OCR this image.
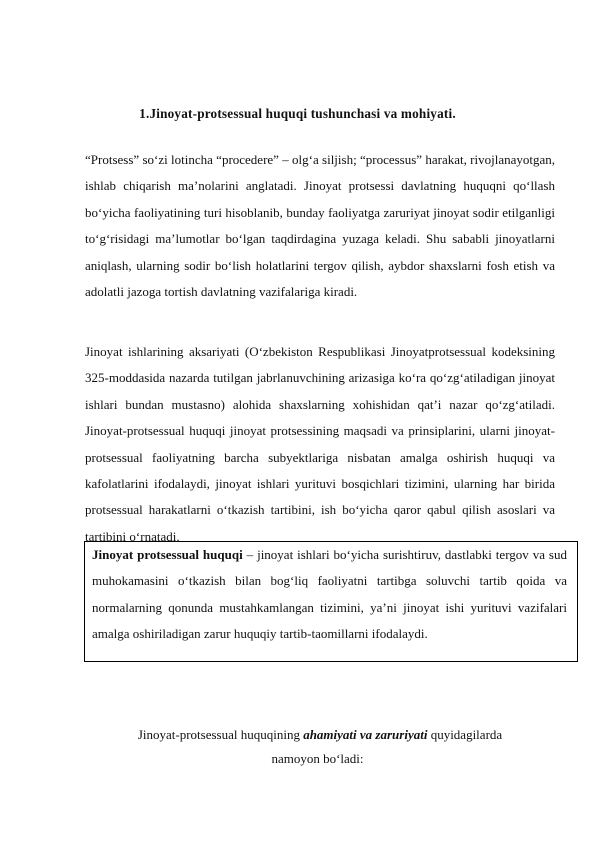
1.Jinoyat-protsessual huquqi tushunchasi va mohiyati.
“Protsess” so‘zi lotincha “procedere” – olg‘a siljish; “processus” harakat, rivojlanayotgan, ishlab chiqarish ma’nolarini anglatadi. Jinoyat protsessi davlatning huquqni qo‘llash bo‘yicha faoliyatining turi hisoblanib, bunday faoliyatga zaruriyat jinoyat sodir etilganligi to‘g‘risidagi ma’lumotlar bo‘lgan taqdirdagina yuzaga keladi. Shu sababli jinoyatlarni aniqlash, ularning sodir bo‘lish holatlarini tergov qilish, aybdor shaxslarni fosh etish va adolatli jazoga tortish davlatning vazifalariga kiradi.
Jinoyat ishlarining aksariyati (O‘zbekiston Respublikasi Jinoyatprotsessual kodeksining 325-moddasida nazarda tutilgan jabrlanuvchining arizasiga ko‘ra qo‘zg‘atiladigan jinoyat ishlari bundan mustasno) alohida shaxslarning xohishidan qat’i nazar qo‘zg‘atiladi. Jinoyat-protsessual huquqi jinoyat protsessining maqsadi va prinsiplarini, ularni jinoyat-protsessual faoliyatning barcha subyektlariga nisbatan amalga oshirish huquqi va kafolatlarini ifodalaydi, jinoyat ishlari yurituvi bosqichlari tizimini, ularning har birida protsessual harakatlarni o‘tkazish tartibini, ish bo‘yicha qaror qabul qilish asoslari va tartibini o‘rnatadi.
Jinoyat protsessual huquqi – jinoyat ishlari bo‘yicha surishtiruv, dastlabki tergov va sud muhokamasini o‘tkazish bilan bog‘liq faoliyatni tartibga soluvchi tartib qoida va normalarning qonunda mustahkamlangan tizimini, ya’ni jinoyat ishi yurituvi vazifalari amalga oshiriladigan zarur huquqiy tartib-taomillarni ifodalaydi.
Jinoyat-protsessual huquqining ahamiyati va zaruriyati quyidagilarda
namoyon bo‘ladi:
